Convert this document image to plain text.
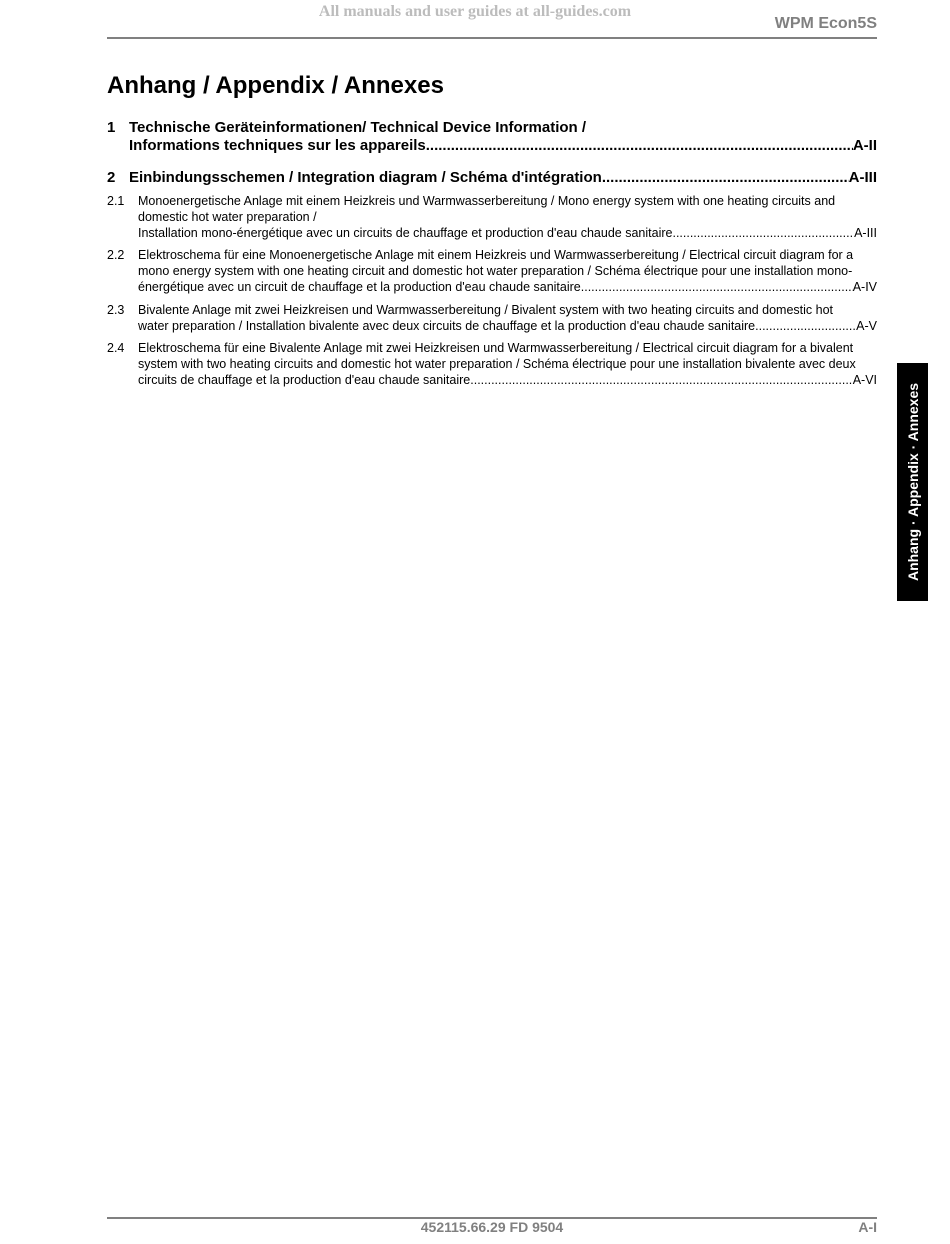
All manuals and user guides at all-guides.com
WPM Econ5S
Anhang / Appendix / Annexes
1 Technische Geräteinformationen/ Technical Device Information /
Informations techniques sur les appareils .....	A-II
2 Einbindungsschemen / Integration diagram / Schéma d'intégration .....	A-III
2.1 Monoenergetische Anlage mit einem Heizkreis und Warmwasserbereitung / Mono energy system with one heating circuits and
domestic hot water preparation /
Installation mono-énergétique avec un circuits de chauffage et production d'eau chaude sanitaire .....	A-III
2.2 Elektroschema für eine Monoenergetische Anlage mit einem Heizkreis und Warmwasserbereitung / Electrical circuit diagram for a
mono energy system with one heating circuit and domestic hot water preparation / Schéma électrique pour une installation mono-
énergétique avec un circuit de chauffage et la production d'eau chaude sanitaire .....	A-IV
2.3 Bivalente Anlage mit zwei Heizkreisen und Warmwasserbereitung / Bivalent system with two heating circuits and domestic hot
water preparation / Installation bivalente avec deux circuits de chauffage et la production d'eau chaude sanitaire .....	A-V
2.4 Elektroschema für eine Bivalente Anlage mit zwei Heizkreisen und Warmwasserbereitung / Electrical circuit diagram for a bivalent
system with two heating circuits and domestic hot water preparation / Schéma électrique pour une installation bivalente avec deux
circuits de chauffage et la production d'eau chaude sanitaire .....	A-VI
Anhang · Appendix · Annexes
452115.66.29 FD 9504	A-I
